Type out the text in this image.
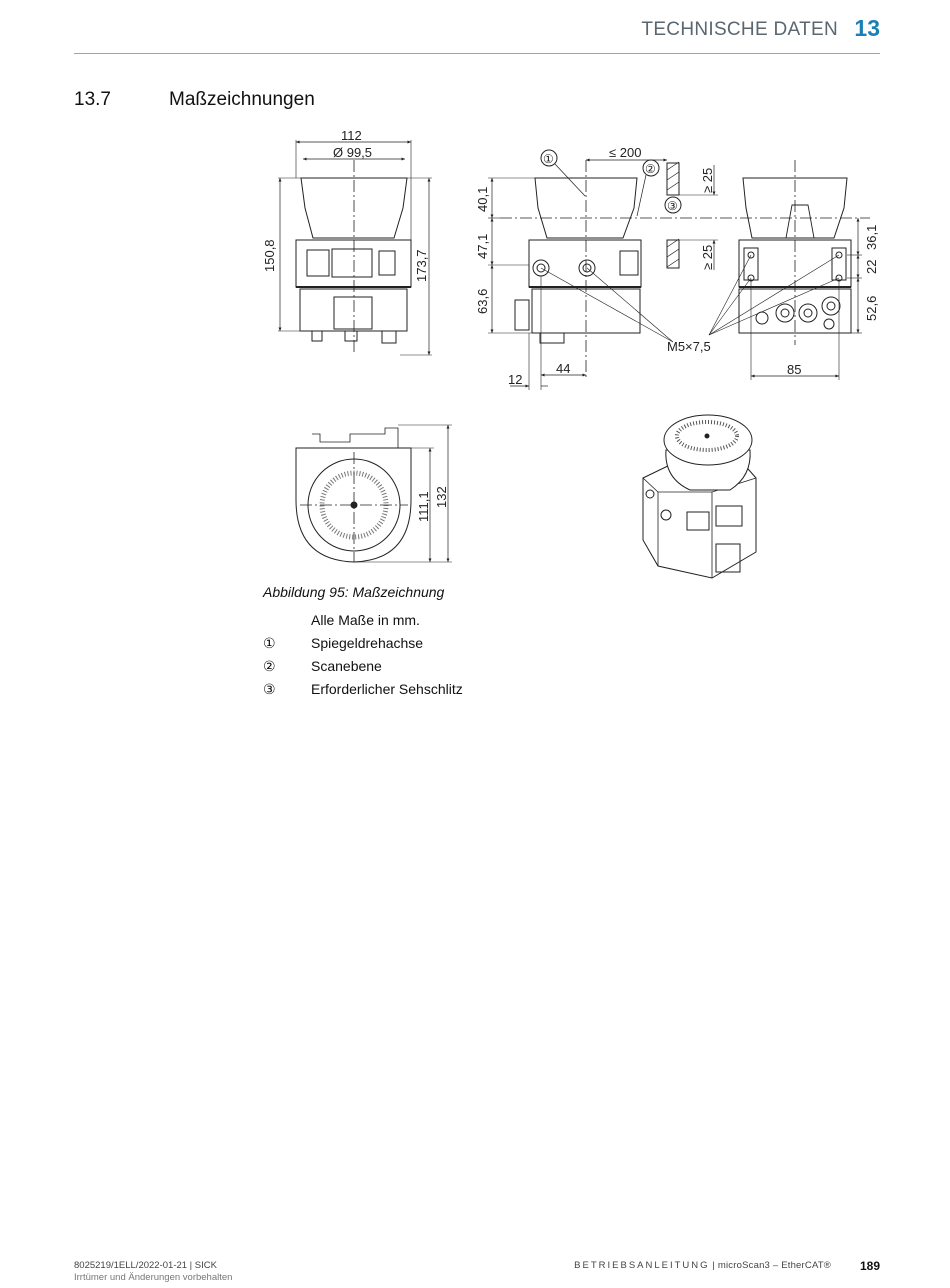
TECHNISCHE DATEN 13
13.7	Maßzeichnungen
112
Ø 99,5
150,8	173,7
①
②
③
≤ 200
≥ 25
≥ 25
40,1
47,1
63,6
12
44
M5×7,5
36,1
22
52,6
85
111,1 132
Abbildung 95: Maßzeichnung
Alle Maße in mm.
①	Spiegeldrehachse
②	Scanebene
③	Erforderlicher Sehschlitz
8025219/1ELL/2022-01-21 | SICK
Irrtümer und Änderungen vorbehalten
BETRIEBSANLEITUNG | microScan3 – EtherCAT® 189
